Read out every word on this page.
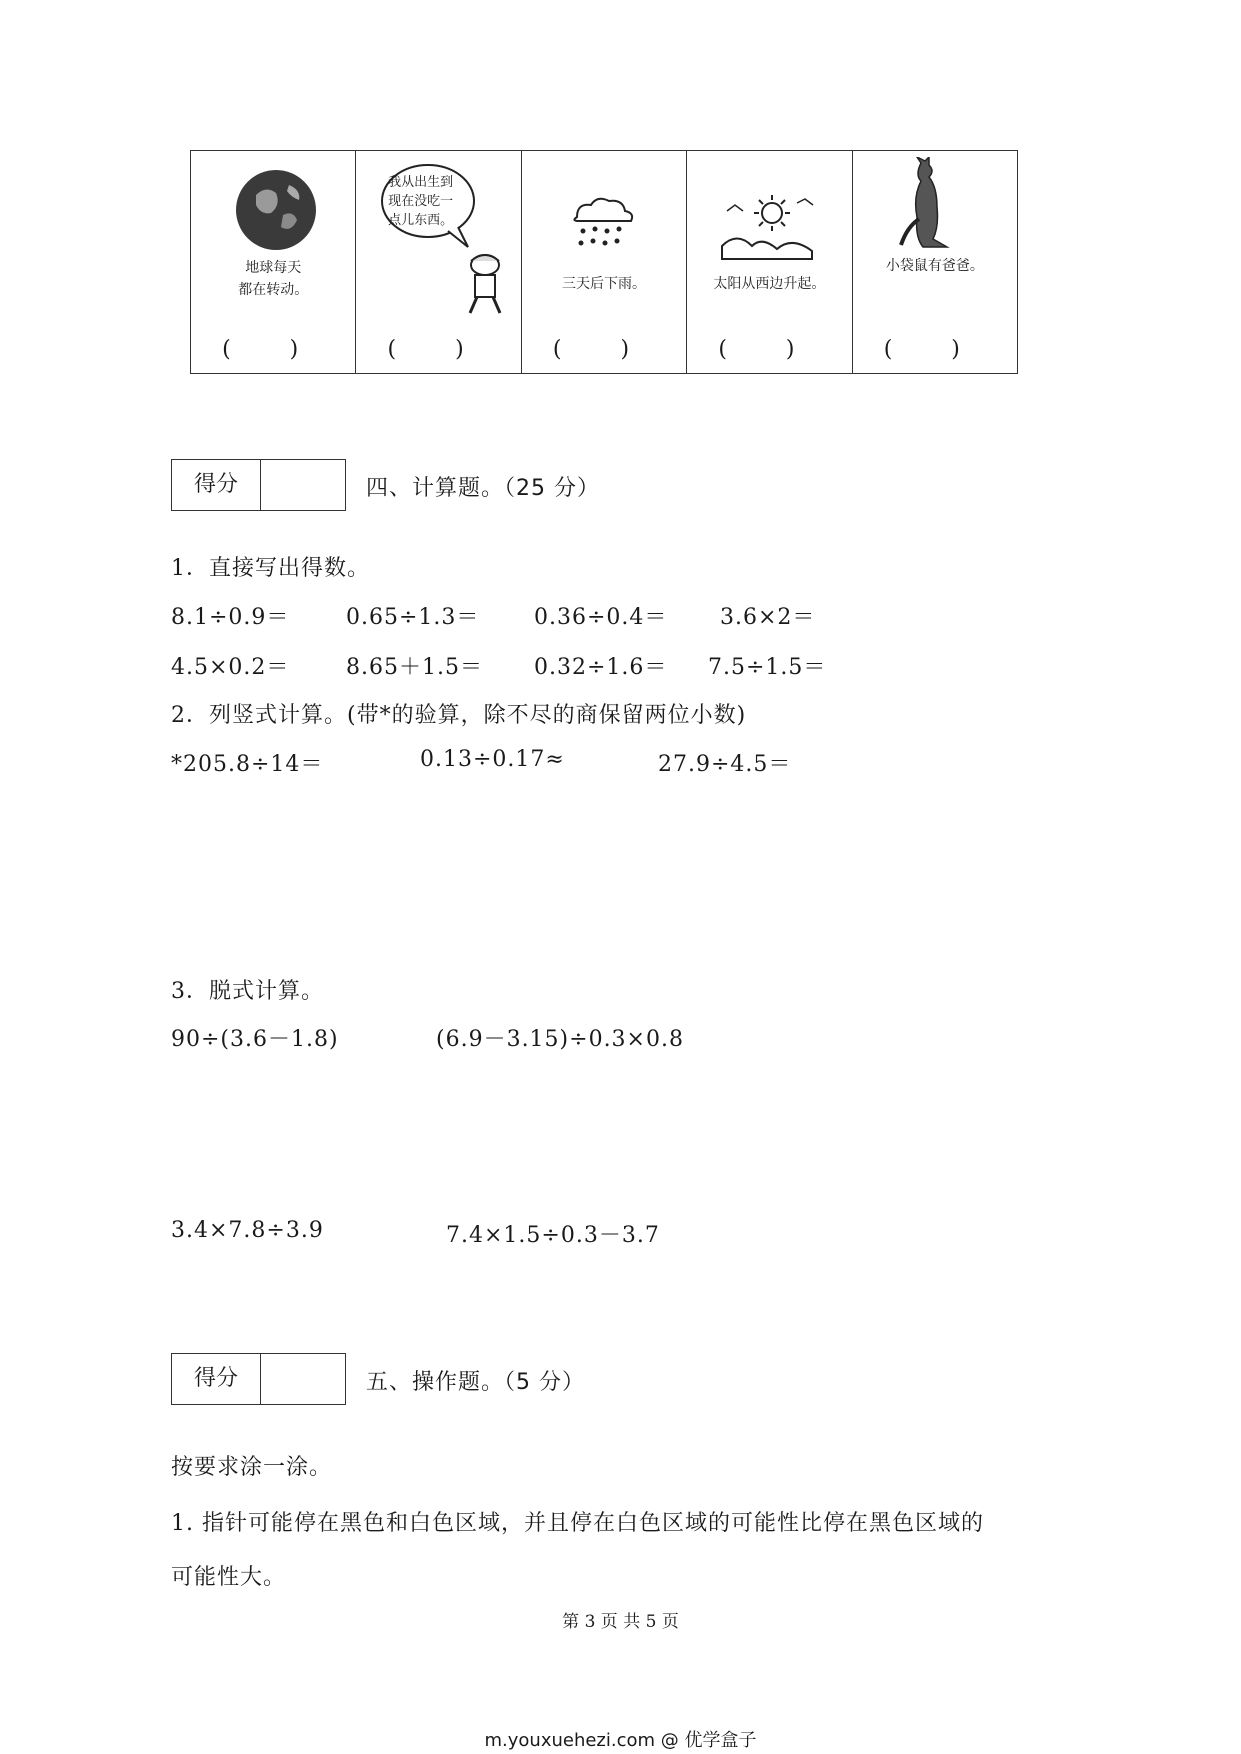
地球每天
都在转动。
( )
我从出生到
现在没吃一
点儿东西。
( )
三天后下雨。
( )
太阳从西边升起。
( )
小袋鼠有爸爸。
( )
得分	四、计算题。（25 分）
1．直接写出得数。
8.1÷0.9＝	0.65÷1.3＝ 0.36÷0.4＝ 3.6×2＝
4.5×0.2＝	8.65＋1.5＝ 0.32÷1.6＝ 7.5÷1.5＝
2．列竖式计算。(带*的验算，除不尽的商保留两位小数)
*205.8÷14＝	0.13÷0.17≈	27.9÷4.5＝
3．脱式计算。
90÷(3.6－1.8)	(6.9－3.15)÷0.3×0.8
3.4×7.8÷3.9	7.4×1.5÷0.3－3.7
得分	五、操作题。（5 分）
按要求涂一涂。
1. 指针可能停在黑色和白色区域，并且停在白色区域的可能性比停在黑色区域的
可能性大。
第 3 页 共 5 页
m.youxuehezi.com @ 优学盒子
